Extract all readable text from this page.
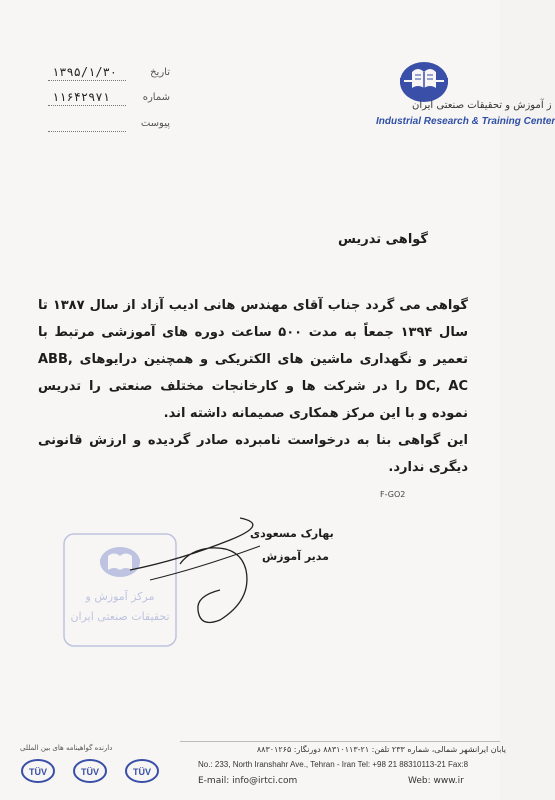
۱۳۹۵/۱/۳۰	تاریخ
۱۱۶۴۲۹۷۱	شماره
پیوست
ز آموزش و تحقیقات صنعتی ایران
Industrial Research & Training Center
گواهی تدریس

گواهی می گردد جناب آقای مهندس هانی ادیب آزاد از سال ۱۳۸۷ تا سال ۱۳۹۴ جمعاً به مدت ۵۰۰ ساعت دوره های آموزشی مرتبط با تعمیر و نگهداری ماشین های الکتریکی و همچنین درایوهای ABB, DC, AC را در شرکت ها و کارخانجات مختلف صنعتی را تدریس نموده و با این مرکز همکاری صمیمانه داشته اند.

این گواهی بنا به درخواست نامبرده صادر گردیده و ارزش قانونی دیگری ندارد.

F-GO2
مرکز آموزش و
تحقیقات صنعتی ایران
بهارک مسعودی
مدیر آموزش
یابان ایرانشهر شمالی، شماره ۲۳۳ تلفن: ۲۱-۸۸۳۱۰۱۱۳ دورنگار: ۸۸۳۰۱۲۶۵
No.: 233, North Iranshahr Ave., Tehran - Iran Tel: +98 21 88310113-21 Fax:8
E-mail: info@irtci.com	Web: www.ir
دارنده گواهینامه های بین المللی
TÜV	TÜV	TÜV
